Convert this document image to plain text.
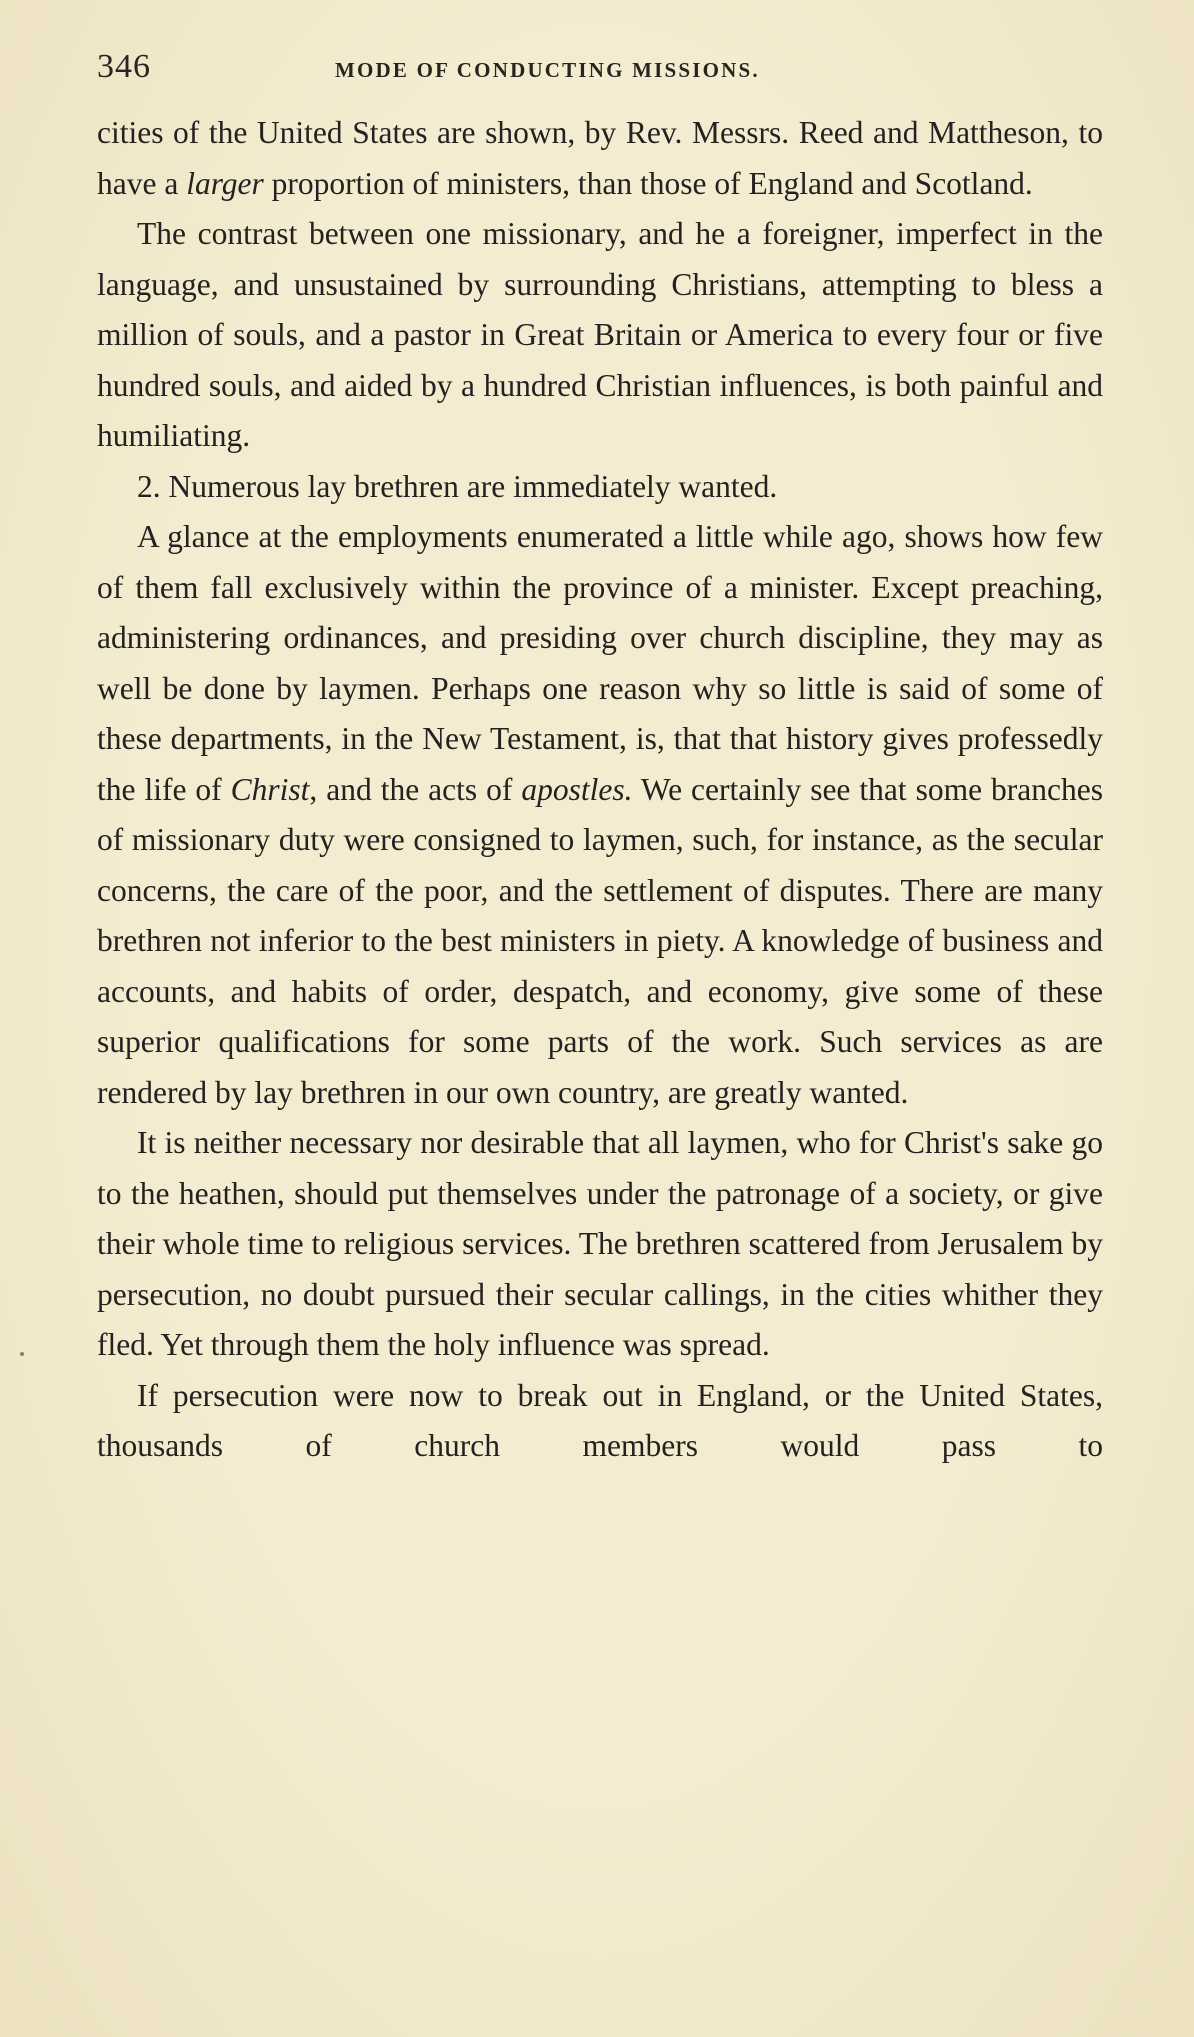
346	MODE OF CONDUCTING MISSIONS.

cities of the United States are shown, by Rev. Messrs. Reed and Mattheson, to have a larger proportion of ministers, than those of England and Scotland.

The contrast between one missionary, and he a foreigner, imperfect in the language, and unsustained by surrounding Christians, attempting to bless a million of souls, and a pastor in Great Britain or America to every four or five hundred souls, and aided by a hundred Christian influences, is both painful and humiliating.

2. Numerous lay brethren are immediately wanted.

A glance at the employments enumerated a little while ago, shows how few of them fall exclusively within the province of a minister. Except preaching, administering ordinances, and presiding over church discipline, they may as well be done by laymen. Perhaps one reason why so little is said of some of these departments, in the New Testament, is, that that history gives professedly the life of Christ, and the acts of apostles. We certainly see that some branches of missionary duty were consigned to laymen, such, for instance, as the secular concerns, the care of the poor, and the settlement of disputes. There are many brethren not inferior to the best ministers in piety. A knowledge of business and accounts, and habits of order, despatch, and economy, give some of these superior qualifications for some parts of the work. Such services as are rendered by lay brethren in our own country, are greatly wanted.

It is neither necessary nor desirable that all laymen, who for Christ's sake go to the heathen, should put themselves under the patronage of a society, or give their whole time to religious services. The brethren scattered from Jerusalem by persecution, no doubt pursued their secular callings, in the cities whither they fled. Yet through them the holy influence was spread.

If persecution were now to break out in England, or the United States, thousands of church members would pass to
